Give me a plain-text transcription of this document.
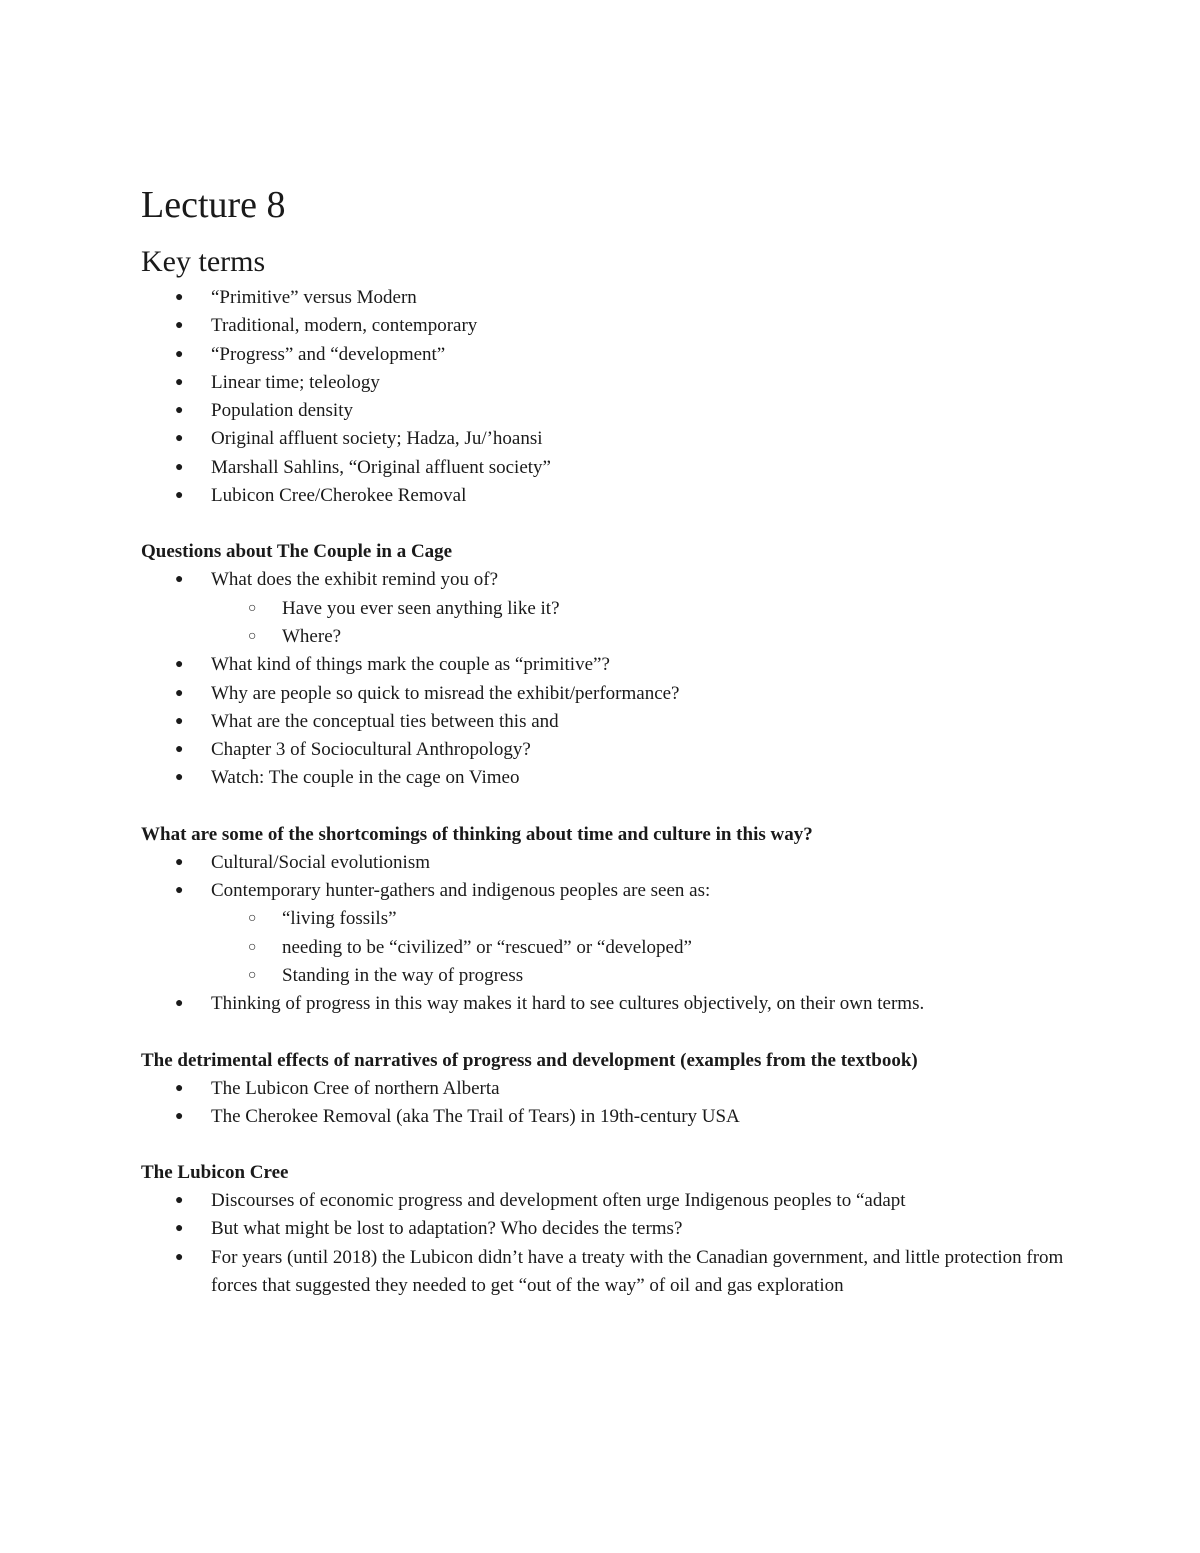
Lecture 8
Key terms
● “Primitive” versus Modern
● Traditional, modern, contemporary
● “Progress” and “development”
● Linear time; teleology
● Population density
● Original affluent society; Hadza, Ju/’hoansi
● Marshall Sahlins, “Original affluent society”
● Lubicon Cree/Cherokee Removal

Questions about The Couple in a Cage

● What does the exhibit remind you of?
○ Have you ever seen anything like it?
○ Where?
● What kind of things mark the couple as “primitive”?
● Why are people so quick to misread the exhibit/performance?
● What are the conceptual ties between this and
● Chapter 3 of Sociocultural Anthropology?
● Watch: The couple in the cage on Vimeo

What are some of the shortcomings of thinking about time and culture in this way?

● Cultural/Social evolutionism
● Contemporary hunter-gathers and indigenous peoples are seen as:
○ “living fossils”
○ needing to be “civilized” or “rescued” or “developed”
○ Standing in the way of progress
● Thinking of progress in this way makes it hard to see cultures objectively, on their own terms.

The detrimental effects of narratives of progress and development (examples from the textbook)

● The Lubicon Cree of northern Alberta
● The Cherokee Removal (aka The Trail of Tears) in 19th-century USA

The Lubicon Cree

● Discourses of economic progress and development often urge Indigenous peoples to “adapt
● But what might be lost to adaptation? Who decides the terms?
● For years (until 2018) the Lubicon didn’t have a treaty with the Canadian government, and little protection from forces that suggested they needed to get “out of the way” of oil and gas exploration
